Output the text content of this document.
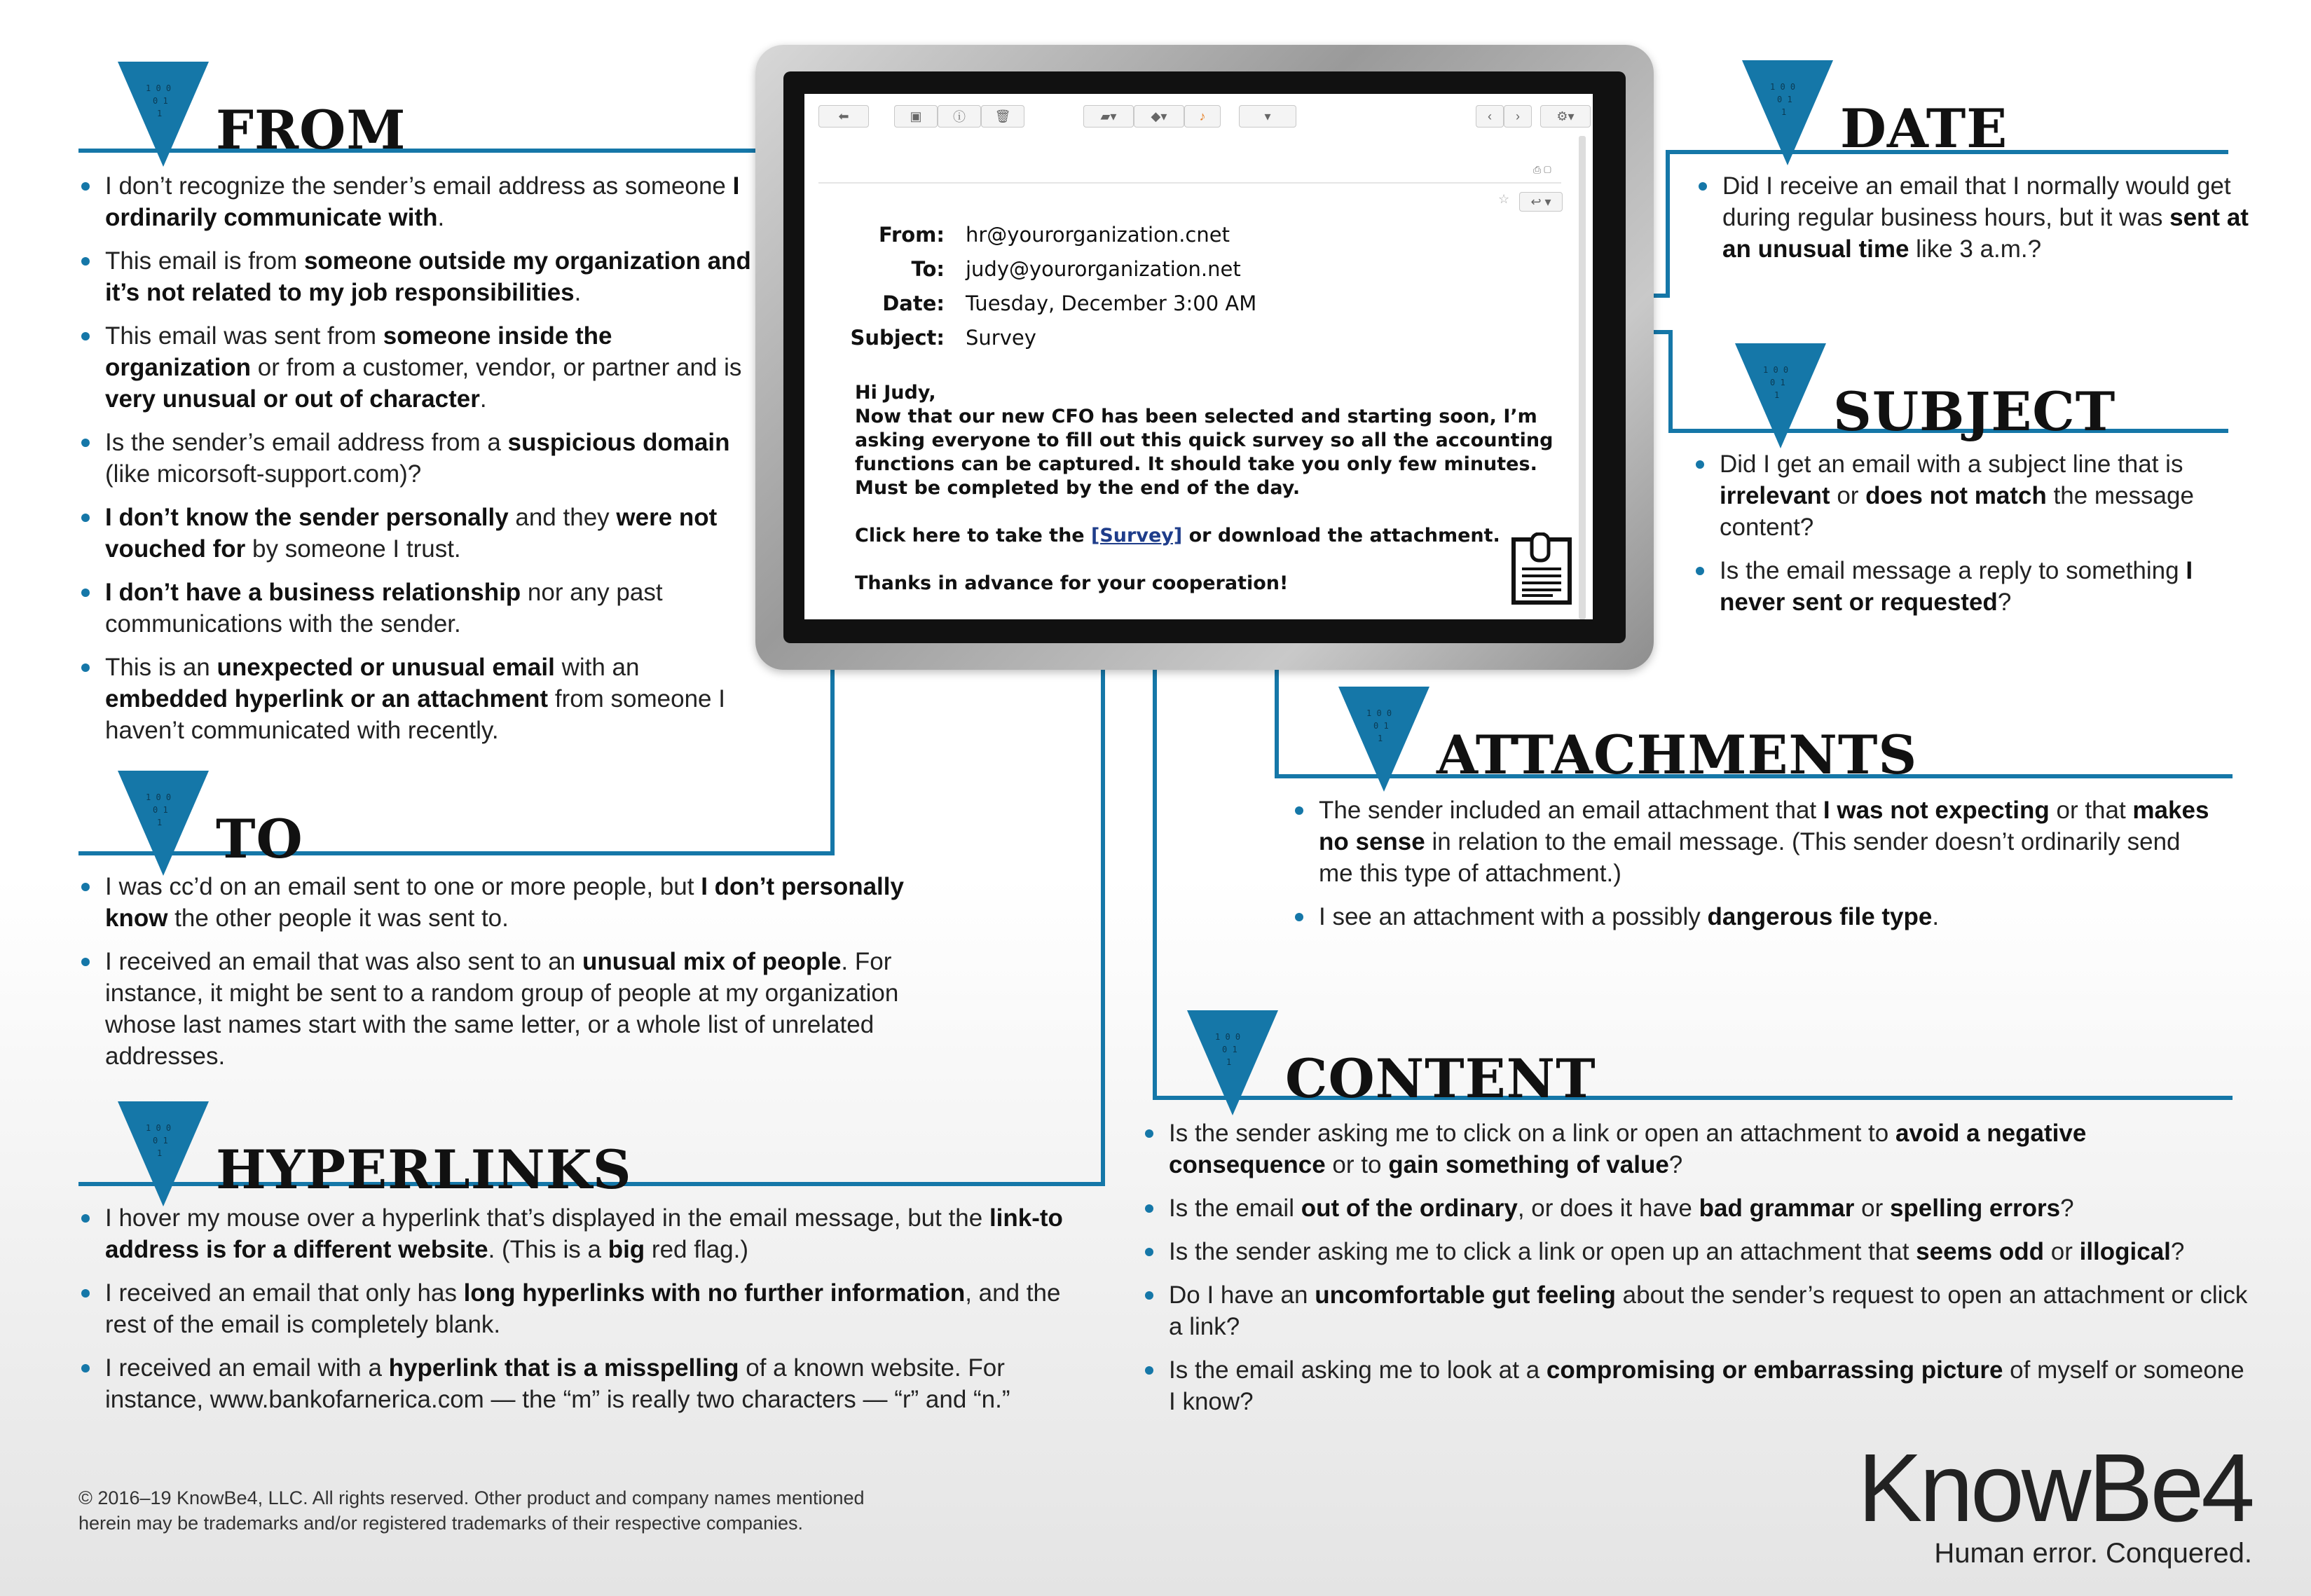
⬅	▣	ⓘ	🗑	▰▾	◆▾	♪	▾	‹	›	⚙▾
⎙ ▢
☆	↩ ▾
From: hr@yourorganization.cnet
To: judy@yourorganization.net
Date: Tuesday, December 3:00 AM
Subject: Survey
Hi Judy,
Now that our new CFO has been selected and starting soon, I’m asking everyone to fill out this quick survey so all the accounting functions can be captured. It should take you only few minutes. Must be completed by the end of the day.
Click here to take the [Survey] or download the attachment.
Thanks in advance for your cooperation!
1 0 0
0 1
1 FROM
I don’t recognize the sender’s email address as someone I ordinarily communicate with.
This email is from someone outside my organization and it’s not related to my job responsibilities.
This email was sent from someone inside the organization or from a customer, vendor, or partner and is very unusual or out of character.
Is the sender’s email address from a suspicious domain (like micorsoft-support.com)?
I don’t know the sender personally and they were not vouched for by someone I trust.
I don’t have a business relationship nor any past communications with the sender.
This is an unexpected or unusual email with an embedded hyperlink or an attachment from someone I haven’t communicated with recently.
1 0 0
0 1
1 TO
I was cc’d on an email sent to one or more people, but I don’t personally know the other people it was sent to.
I received an email that was also sent to an unusual mix of people. For instance, it might be sent to a random group of people at my organization whose last names start with the same letter, or a whole list of unrelated addresses.
1 0 0
0 1
1 HYPERLINKS
I hover my mouse over a hyperlink that’s displayed in the email message, but the link-to address is for a different website. (This is a big red flag.)
I received an email that only has long hyperlinks with no further information, and the rest of the email is completely blank.
I received an email with a hyperlink that is a misspelling of a known website. For instance, www.bankofarnerica.com — the “m” is really two characters — “r” and “n.”
1 0 0
0 1
1 DATE
Did I receive an email that I normally would get during regular business hours, but it was sent at an unusual time like 3 a.m.?
1 0 0
0 1
1 SUBJECT
Did I get an email with a subject line that is irrelevant or does not match the message content?
Is the email message a reply to something I never sent or requested?
1 0 0
0 1
1 ATTACHMENTS
The sender included an email attachment that I was not expecting or that makes no sense in relation to the email message. (This sender doesn’t ordinarily send me this type of attachment.)
I see an attachment with a possibly dangerous file type.
1 0 0
0 1
1 CONTENT
Is the sender asking me to click on a link or open an attachment to avoid a negative consequence or to gain something of value?
Is the email out of the ordinary, or does it have bad grammar or spelling errors?
Is the sender asking me to click a link or open up an attachment that seems odd or illogical?
Do I have an uncomfortable gut feeling about the sender’s request to open an attachment or click a link?
Is the email asking me to look at a compromising or embarrassing picture of myself or someone I know?
© 2016–19 KnowBe4, LLC. All rights reserved. Other product and company names mentioned
herein may be trademarks and/or registered trademarks of their respective companies.	KnowBe4
Human error. Conquered.
